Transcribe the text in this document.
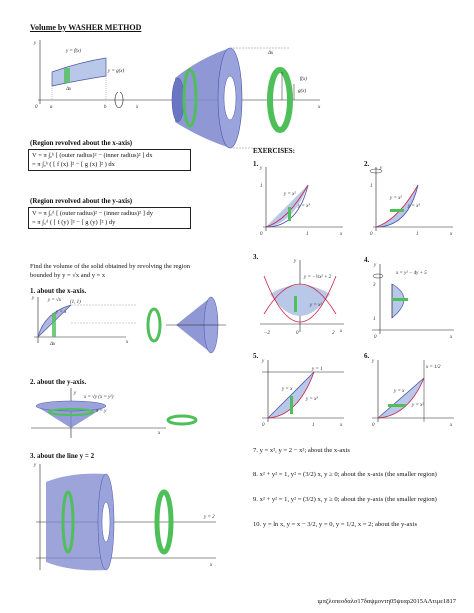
Volume by WASHER METHOD
y
y = f(x)
y = g(x)
Δx
a	b	x
0
Δx
f(x)
g(x)
x
(Region revolved about the x-axis)
V = π ∫ₐᵇ [ (outer radius)² − (inner radius)² ] dx
= π ∫ₐᵇ ( [ f (x) ]² − [ g (x) ]² ) dx
(Region revolved about the y-axis)
V = π ∫꜀ᵈ [ (outer radius)² − (inner radius)² ] dy
= π ∫꜀ᵈ ( [ f (y) ]² − [ g (y) ]² ) dy
Find the volume of the solid obtained by revolving the region
bounded by y = √x and y = x
1. about the x-axis.
y	y = √x
y = x
(1, 1)
x
Δx
2. about the y-axis.
y
x = √y (x = y²)
x = y
x
3. about the line y = 2
y
y = 2
x
EXERCISES:
1.
y = x²
y = x³
y
x
1
0	1
2.
y = x²
y = x³
y
x
1
0	1
3.
y = −½x² + 2
y = x²
y
x
−2	0	2
4.
x = y² − 4y + 5
y
x
1
3
0
5.
y = 1
y = x
y = x³
y
x
1
0
6.
x = 1/2
y = x
y = x²
y
x
0
7. y = x², y = 2 − x²; about the x-axis
8. x² + y² = 1, y² = (3/2) x, y ≥ 0; about the x-axis (the smaller region)
9. x² + y² = 1, y² = (3/2) x, y ≥ 0; about the y-axis (the smaller region)
10. y = ln x, y = x − 3/2, y = 0, y = 1/2, x = 2; about the y-axis
ιμπζλοπεοδαλσ17δαψμοντη05ψεαρ2015ΑΛτιμε1817
